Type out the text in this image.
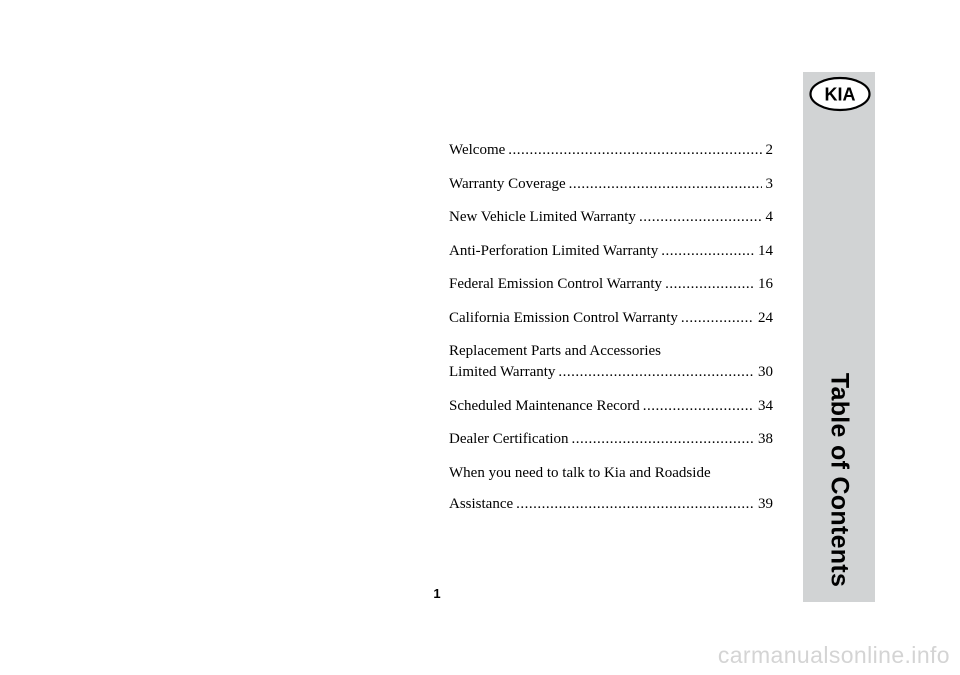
Welcome .....	2
Warranty Coverage .....	3
New Vehicle Limited Warranty .....	4
Anti-Perforation Limited Warranty .....	14
Federal Emission Control Warranty .....	16
California Emission Control Warranty .....	24
Replacement Parts and Accessories
Limited Warranty .....	30
Scheduled Maintenance Record .....	34
Dealer Certification .....	38
When you need to talk to Kia and Roadside
Assistance .....	39
1
KIA
Table of Contents
carmanualsonline.info
